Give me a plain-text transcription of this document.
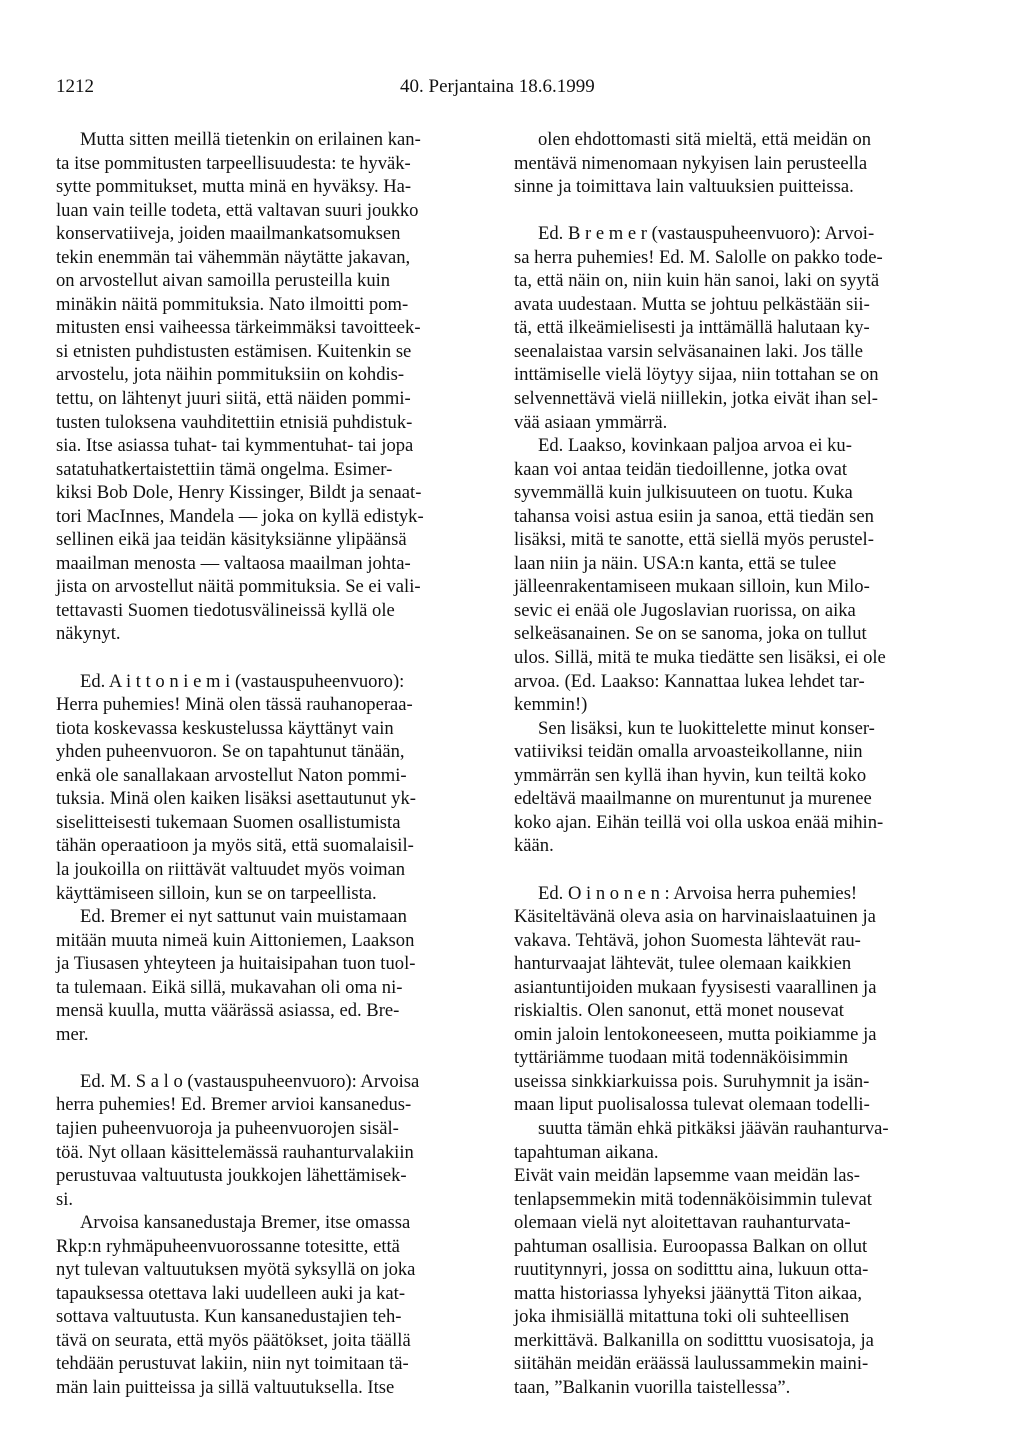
1212	40. Perjantaina 18.6.1999
Mutta sitten meillä tietenkin on erilainen kan-
ta itse pommitusten tarpeellisuudesta: te hyväk-
sytte pommitukset, mutta minä en hyväksy. Ha-
luan vain teille todeta, että valtavan suuri joukko
konservatiiveja, joiden maailmankatsomuksen
tekin enemmän tai vähemmän näytätte jakavan,
on arvostellut aivan samoilla perusteilla kuin
minäkin näitä pommituksia. Nato ilmoitti pom-
mitusten ensi vaiheessa tärkeimmäksi tavoitteek-
si etnisten puhdistusten estämisen. Kuitenkin se
arvostelu, jota näihin pommituksiin on kohdis-
tettu, on lähtenyt juuri siitä, että näiden pommi-
tusten tuloksena vauhditettiin etnisiä puhdistuk-
sia. Itse asiassa tuhat- tai kymmentuhat- tai jopa
satatuhatkertaistettiin tämä ongelma. Esimer-
kiksi Bob Dole, Henry Kissinger, Bildt ja senaat-
tori MacInnes, Mandela — joka on kyllä edistyk-
sellinen eikä jaa teidän käsityksiänne ylipäänsä
maailman menosta — valtaosa maailman johta-
jista on arvostellut näitä pommituksia. Se ei vali-
tettavasti Suomen tiedotusvälineissä kyllä ole
näkynyt.
Ed. A i t t o n i e m i (vastauspuheenvuoro):
Herra puhemies! Minä olen tässä rauhanoperaa-
tiota koskevassa keskustelussa käyttänyt vain
yhden puheenvuoron. Se on tapahtunut tänään,
enkä ole sanallakaan arvostellut Naton pommi-
tuksia. Minä olen kaiken lisäksi asettautunut yk-
siselitteisesti tukemaan Suomen osallistumista
tähän operaatioon ja myös sitä, että suomalaisil-
la joukoilla on riittävät valtuudet myös voiman
käyttämiseen silloin, kun se on tarpeellista.
Ed. Bremer ei nyt sattunut vain muistamaan
mitään muuta nimeä kuin Aittoniemen, Laakson
ja Tiusasen yhteyteen ja huitaisipahan tuon tuol-
ta tulemaan. Eikä sillä, mukavahan oli oma ni-
mensä kuulla, mutta väärässä asiassa, ed. Bre-
mer.
Ed. M. S a l o (vastauspuheenvuoro): Arvoisa
herra puhemies! Ed. Bremer arvioi kansanedus-
tajien puheenvuoroja ja puheenvuorojen sisäl-
töä. Nyt ollaan käsittelemässä rauhanturvalakiin
perustuvaa valtuutusta joukkojen lähettämisek-
si.
Arvoisa kansanedustaja Bremer, itse omassa
Rkp:n ryhmäpuheenvuorossanne totesitte, että
nyt tulevan valtuutuksen myötä syksyllä on joka
tapauksessa otettava laki uudelleen auki ja kat-
sottava valtuutusta. Kun kansanedustajien teh-
tävä on seurata, että myös päätökset, joita täällä
tehdään perustuvat lakiin, niin nyt toimitaan tä-
män lain puitteissa ja sillä valtuutuksella. Itse
olen ehdottomasti sitä mieltä, että meidän on
mentävä nimenomaan nykyisen lain perusteella
sinne ja toimittava lain valtuuksien puitteissa.
Ed. B r e m e r (vastauspuheenvuoro): Arvoi-
sa herra puhemies! Ed. M. Salolle on pakko tode-
ta, että näin on, niin kuin hän sanoi, laki on syytä
avata uudestaan. Mutta se johtuu pelkästään sii-
tä, että ilkeämielisesti ja inttämällä halutaan ky-
seenalaistaa varsin selväsanainen laki. Jos tälle
inttämiselle vielä löytyy sijaa, niin tottahan se on
selvennettävä vielä niillekin, jotka eivät ihan sel-
vää asiaan ymmärrä.
Ed. Laakso, kovinkaan paljoa arvoa ei ku-
kaan voi antaa teidän tiedoillenne, jotka ovat
syvemmällä kuin julkisuuteen on tuotu. Kuka
tahansa voisi astua esiin ja sanoa, että tiedän sen
lisäksi, mitä te sanotte, että siellä myös perustel-
laan niin ja näin. USA:n kanta, että se tulee
jälleenrakentamiseen mukaan silloin, kun Milo-
sevic ei enää ole Jugoslavian ruorissa, on aika
selkeäsanainen. Se on se sanoma, joka on tullut
ulos. Sillä, mitä te muka tiedätte sen lisäksi, ei ole
arvoa. (Ed. Laakso: Kannattaa lukea lehdet tar-
kemmin!)
Sen lisäksi, kun te luokittelette minut konser-
vatiiviksi teidän omalla arvoasteikollanne, niin
ymmärrän sen kyllä ihan hyvin, kun teiltä koko
edeltävä maailmanne on murentunut ja murenee
koko ajan. Eihän teillä voi olla uskoa enää mihin-
kään.
Ed. O i n o n e n : Arvoisa herra puhemies!
Käsiteltävänä oleva asia on harvinaislaatuinen ja
vakava. Tehtävä, johon Suomesta lähtevät rau-
hanturvaajat lähtevät, tulee olemaan kaikkien
asiantuntijoiden mukaan fyysisesti vaarallinen ja
riskialtis. Olen sanonut, että monet nousevat
omin jaloin lentokoneeseen, mutta poikiamme ja
tyttäriämme tuodaan mitä todennäköisimmin
useissa sinkkiarkuissa pois. Suruhymnit ja isän-
maan liput puolisalossa tulevat olemaan todelli-
suutta tämän ehkä pitkäksi jäävän rauhanturva-
tapahtuman aikana.
Eivät vain meidän lapsemme vaan meidän las-
tenlapsemmekin mitä todennäköisimmin tulevat
olemaan vielä nyt aloitettavan rauhanturvata-
pahtuman osallisia. Euroopassa Balkan on ollut
ruutitynnyri, jossa on soditttu aina, lukuun otta-
matta historiassa lyhyeksi jäänyttä Titon aikaa,
joka ihmisiällä mitattuna toki oli suhteellisen
merkittävä. Balkanilla on soditttu vuosisatoja, ja
siitähän meidän eräässä laulussammekin maini-
taan, ”Balkanin vuorilla taistellessa”.
